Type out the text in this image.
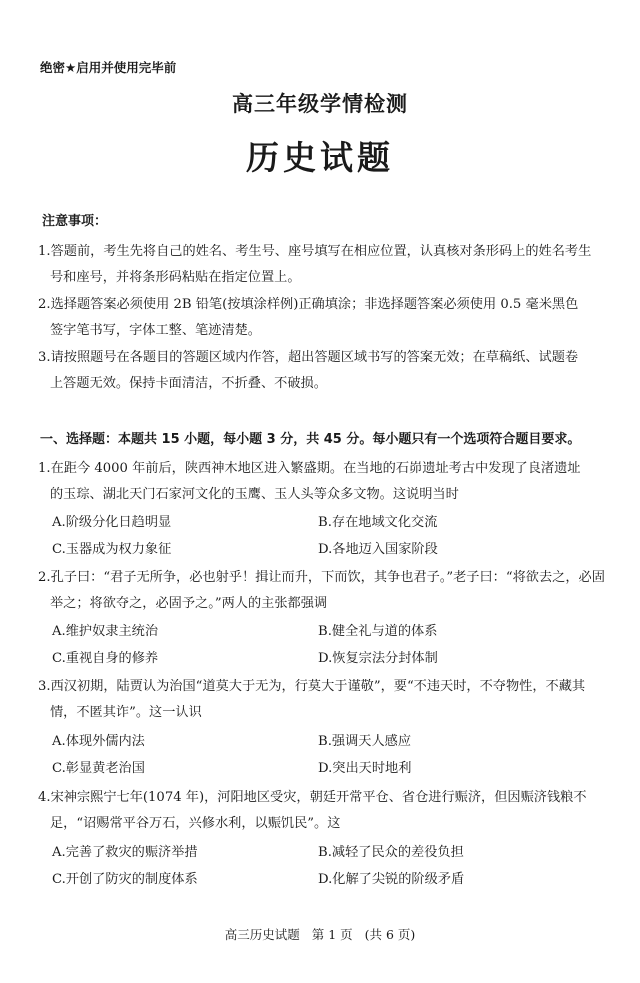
绝密★启用并使用完毕前
高三年级学情检测
历史试题
注意事项：
1.答题前，考生先将自己的姓名、考生号、座号填写在相应位置，认真核对条形码上的姓名考生
号和座号，并将条形码粘贴在指定位置上。
2.选择题答案必须使用 2B 铅笔(按填涂样例)正确填涂；非选择题答案必须使用 0.5 毫米黑色
签字笔书写，字体工整、笔迹清楚。
3.请按照题号在各题目的答题区域内作答，超出答题区域书写的答案无效；在草稿纸、试题卷
上答题无效。保持卡面清洁，不折叠、不破损。
一、选择题：本题共 15 小题，每小题 3 分，共 45 分。每小题只有一个选项符合题目要求。
1.在距今 4000 年前后，陕西神木地区进入繁盛期。在当地的石峁遗址考古中发现了良渚遗址
的玉琮、湖北天门石家河文化的玉鹰、玉人头等众多文物。这说明当时
A.阶级分化日趋明显	B.存在地域文化交流
C.玉器成为权力象征	D.各地迈入国家阶段
2.孔子曰：“君子无所争，必也射乎！揖让而升，下而饮，其争也君子。”老子曰：“将欲去之，必固
举之；将欲夺之，必固予之。”两人的主张都强调
A.维护奴隶主统治	B.健全礼与道的体系
C.重视自身的修养	D.恢复宗法分封体制
3.西汉初期，陆贾认为治国“道莫大于无为，行莫大于谨敬”，要“不违天时，不夺物性，不藏其
情，不匿其诈”。这一认识
A.体现外儒内法	B.强调天人感应
C.彰显黄老治国	D.突出天时地利
4.宋神宗熙宁七年(1074 年)，河阳地区受灾，朝廷开常平仓、省仓进行赈济，但因赈济钱粮不
足，“诏赐常平谷万石，兴修水利，以赈饥民”。这
A.完善了救灾的赈济举措	B.减轻了民众的差役负担
C.开创了防灾的制度体系	D.化解了尖锐的阶级矛盾
高三历史试题 第 1 页 (共 6 页)
